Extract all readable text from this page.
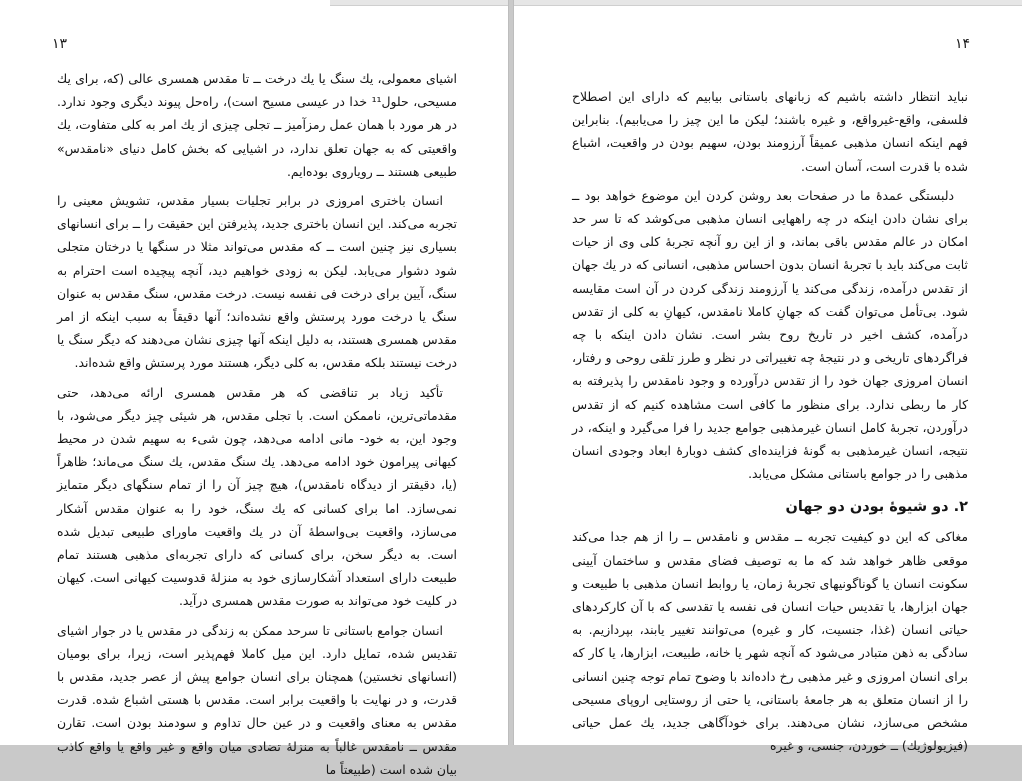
۱۳

اشیای معمولی، یك سنگ یا یك درخت ــ تا مقدس همسری عالی (كه، برای یك مسیحی، حلول¹¹ خدا در عیسی مسیح است)، راه‌حل پیوند دیگری وجود ندارد. در هر مورد با همان عمل رمزآمیز ــ تجلی چیزی از یك امر به كلی متفاوت، یك واقعیتی كه به جهان تعلق ندارد، در اشیایی كه بخش كامل دنیای «نامقدس» طبیعی هستند ــ رویاروی بوده‌ایم.

انسان باختری امروزی در برابر تجلیات بسیار مقدس، تشویش معینی را تجربه می‌كند. این انسان باختری جدید، پذیرفتن این حقیقت را ــ برای انسانهای بسیاری نیز چنین است ــ كه مقدس می‌تواند مثلا در سنگها یا درختان متجلی شود دشوار می‌یابد. لیكن به زودی خواهیم دید، آنچه پیچیده است احترام به سنگ، آیین برای درخت فی نفسه نیست. درخت مقدس، سنگ مقدس به عنوان سنگ یا درخت مورد پرستش واقع نشده‌اند؛ آنها دقیقاً به سبب اینكه از امر مقدس همسری هستند، به دلیل اینكه آنها چیزی نشان می‌دهند كه دیگر سنگ یا درخت نیستند بلكه مقدس، به كلی دیگر، هستند مورد پرستش واقع شده‌اند.

تأكید زیاد بر تناقضی كه هر مقدس همسری ارائه می‌دهد، حتی مقدماتی‌ترین، ناممكن است. با تجلی مقدس، هر شیئی چیز دیگر می‌شود، با وجود این، به خود- مانی ادامه می‌دهد، چون شیء به سهیم شدن در محیط كیهانی پیرامون خود ادامه می‌دهد. یك سنگ مقدس، یك سنگ می‌ماند؛ ظاهراً (یا، دقیقتر از دیدگاه نامقدس)، هیچ چیز آن را از تمام سنگهای دیگر متمایز نمی‌سازد. اما برای كسانی كه یك سنگ، خود را به عنوان مقدس آشكار می‌سازد، واقعیت بی‌واسطهٔ آن در یك واقعیت ماورای طبیعی تبدیل شده است. به دیگر سخن، برای كسانی كه دارای تجربه‌ای مذهبی هستند تمام طبیعت دارای استعداد آشكارسازی خود به منزلهٔ قدوسیت كیهانی است. كیهان در كلیت خود می‌تواند به صورت مقدس همسری درآید.

انسان جوامع باستانی تا سرحد ممكن به زندگی در مقدس یا در جوار اشیای تقدیس شده، تمایل دارد. این میل كاملا فهم‌پذیر است، زیرا، برای بومیان (انسانهای نخستین) همچنان برای انسان جوامع پیش از عصر جدید، مقدس با قدرت، و در نهایت با واقعیت برابر است. مقدس با هستی اشباع شده. قدرت مقدس به معنای واقعیت و در عین حال تداوم و سودمند بودن است. تقارن مقدس ــ نامقدس غالباً به منزلهٔ تضادی میان واقع و غیر واقع یا واقع كاذب بیان شده است (طبیعتاً ما

۱۴

نباید انتظار داشته باشیم كه زبانهای باستانی بیابیم كه دارای این اصطلاح فلسفی، واقع-غیرواقع، و غیره باشند؛ لیكن ما این چیز را می‌یابیم). بنابراین فهم اینكه انسان مذهبی عمیقاً آرزومند بودن، سهیم بودن در واقعیت، اشباع شده با قدرت است، آسان است.

دلبستگی عمدهٔ ما در صفحات بعد روشن كردن این موضوع خواهد بود ــ برای نشان دادن اینكه در چه راههایی انسان مذهبی می‌كوشد كه تا سر حد امكان در عالم مقدس باقی بماند، و از این رو آنچه تجربهٔ كلی وی از حیات ثابت می‌كند باید با تجربهٔ انسان بدون احساس مذهبی، انسانی كه در یك جهان از تقدس درآمده، زندگی می‌كند یا آرزومند زندگی كردن در آن است مقایسه شود. بی‌تأمل می‌توان گفت كه جهانِ كاملا نامقدس، كیهانِ به كلی از تقدس درآمده، كشف اخیر در تاریخ روح بشر است. نشان دادن اینكه با چه فراگردهای تاریخی و در نتیجهٔ چه تغییراتی در نظر و طرز تلقی روحی و رفتار، انسان امروزی جهان خود را از تقدس درآورده و وجود نامقدس را پذیرفته به كار ما ربطی ندارد. برای منظور ما كافی است مشاهده كنیم كه از تقدس درآوردن، تجربهٔ كامل انسان غیرمذهبی جوامع جدید را فرا می‌گیرد و اینكه، در نتیجه، انسان غیرمذهبی به گونهٔ فزاینده‌ای كشف دوبارهٔ ابعاد وجودی انسان مذهبی را در جوامع باستانی مشكل می‌یابد.

۲. دو شیوهٔ بودن دو جهان

مغاكی كه این دو كیفیت تجربه ــ مقدس و نامقدس ــ را از هم جدا می‌كند موقعی ظاهر خواهد شد كه ما به توصیف فضای مقدس و ساختمان آیینی سكونت انسان یا گوناگونیهای تجربهٔ زمان، یا روابط انسان مذهبی با طبیعت و جهان ابزارها، یا تقدیس حیات انسان فی نفسه یا تقدسی كه با آن كاركردهای حیاتی انسان (غذا، جنسیت، كار و غیره) می‌توانند تغییر یابند، بپردازیم. به سادگی به ذهن متبادر می‌شود كه آنچه شهر یا خانه، طبیعت، ابزارها، یا كار كه برای انسان امروزی و غیر مذهبی رخ داده‌اند با وضوح تمام توجه چنین انسانی را از انسان متعلق به هر جامعهٔ باستانی، یا حتی از روستایی اروپای مسیحی مشخص می‌سازد، نشان می‌دهند. برای خودآگاهی جدید، یك عمل حیاتی (فیزیولوژیك) ــ خوردن، جنسی، و غیره
